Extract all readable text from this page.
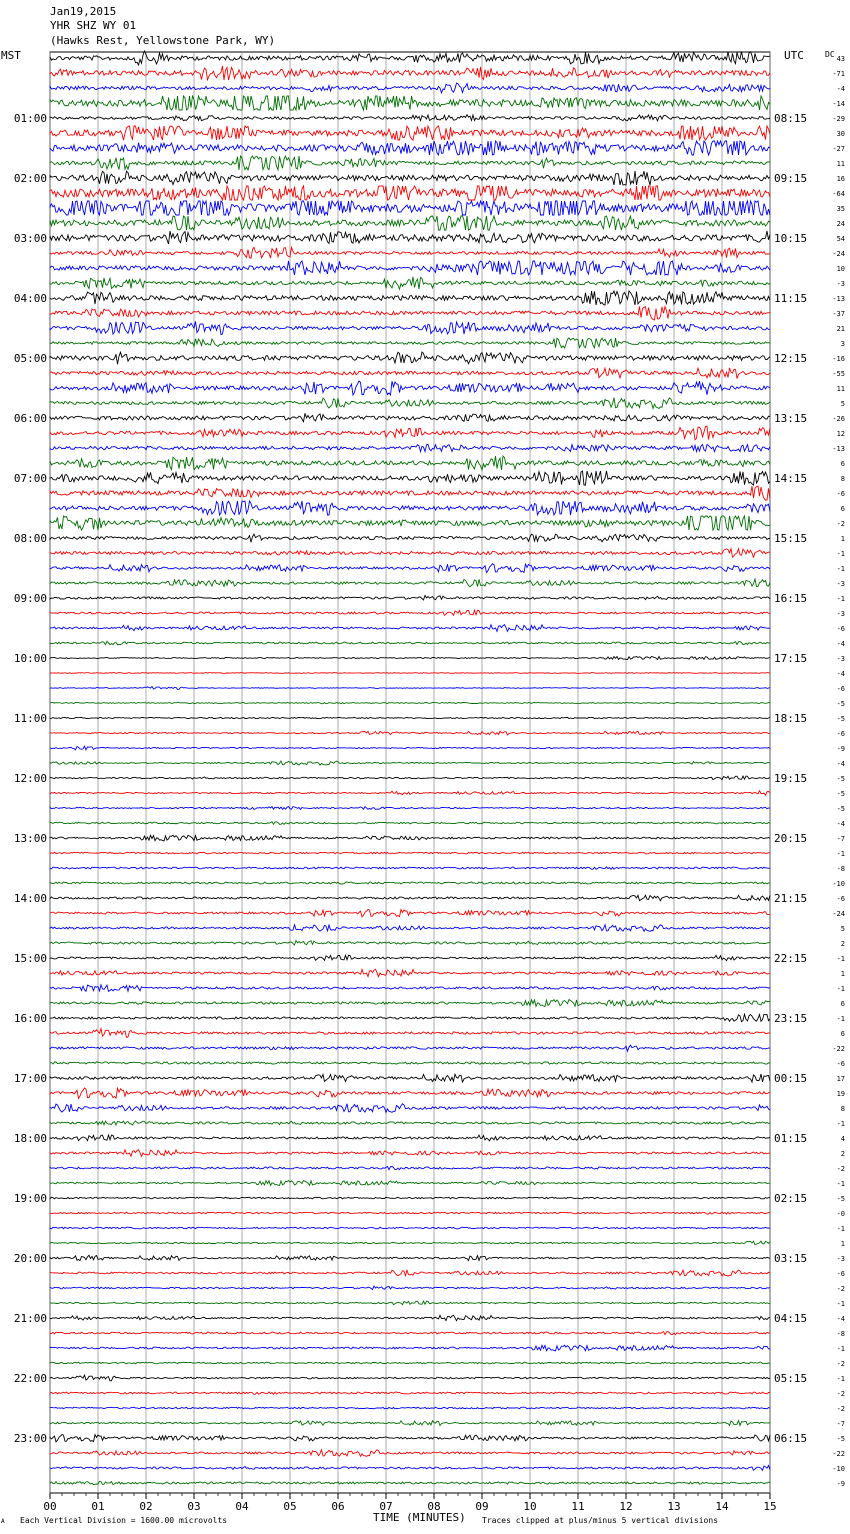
Jan19,2015
YHR SHZ WY 01
(Hawks Rest, Yellowstone Park, WY)
MST	UTC	DC
00	01	02	03	04	05	06	07	08	09	10	11	12	13	14	15
43
-71
-4
-14
-29
30
-27
11
16
-64
35
24
54
-24
10
-3
-13
-37
21
3
-16
-55
11
5
-26
12
-13
6
8
-6
6
-2
1
-1
-1
-3
-1
-3
-6
-4
-3
-4
-6
-5
-5
-6
-9
-4
-5
-5
-5
-4
-7
-1
-8
-10
-6
-24
5
2
-1
1
-1
6
-1
6
-22
-6
17
19
8
-1
4
2
-2
-1
-5
-0
-1
1
-3
-6
-2
-1
-4
-8
-1
-2
-1
-2
-2
-7
-5
-22
-10
-9
01:00
02:00
03:00
04:00
05:00
06:00
07:00
08:00
09:00
10:00
11:00
12:00
13:00
14:00
15:00
16:00
17:00
18:00
19:00
20:00
21:00
22:00
23:00
08:15
09:15
10:15
11:15
12:15
13:15
14:15
15:15
16:15
17:15
18:15
19:15
20:15
21:15
22:15
23:15
00:15
01:15
02:15
03:15
04:15
05:15
06:15
A Each Vertical Division = 1600.00 microvolts	TIME (MINUTES) Traces clipped at plus/minus 5 vertical divisions
